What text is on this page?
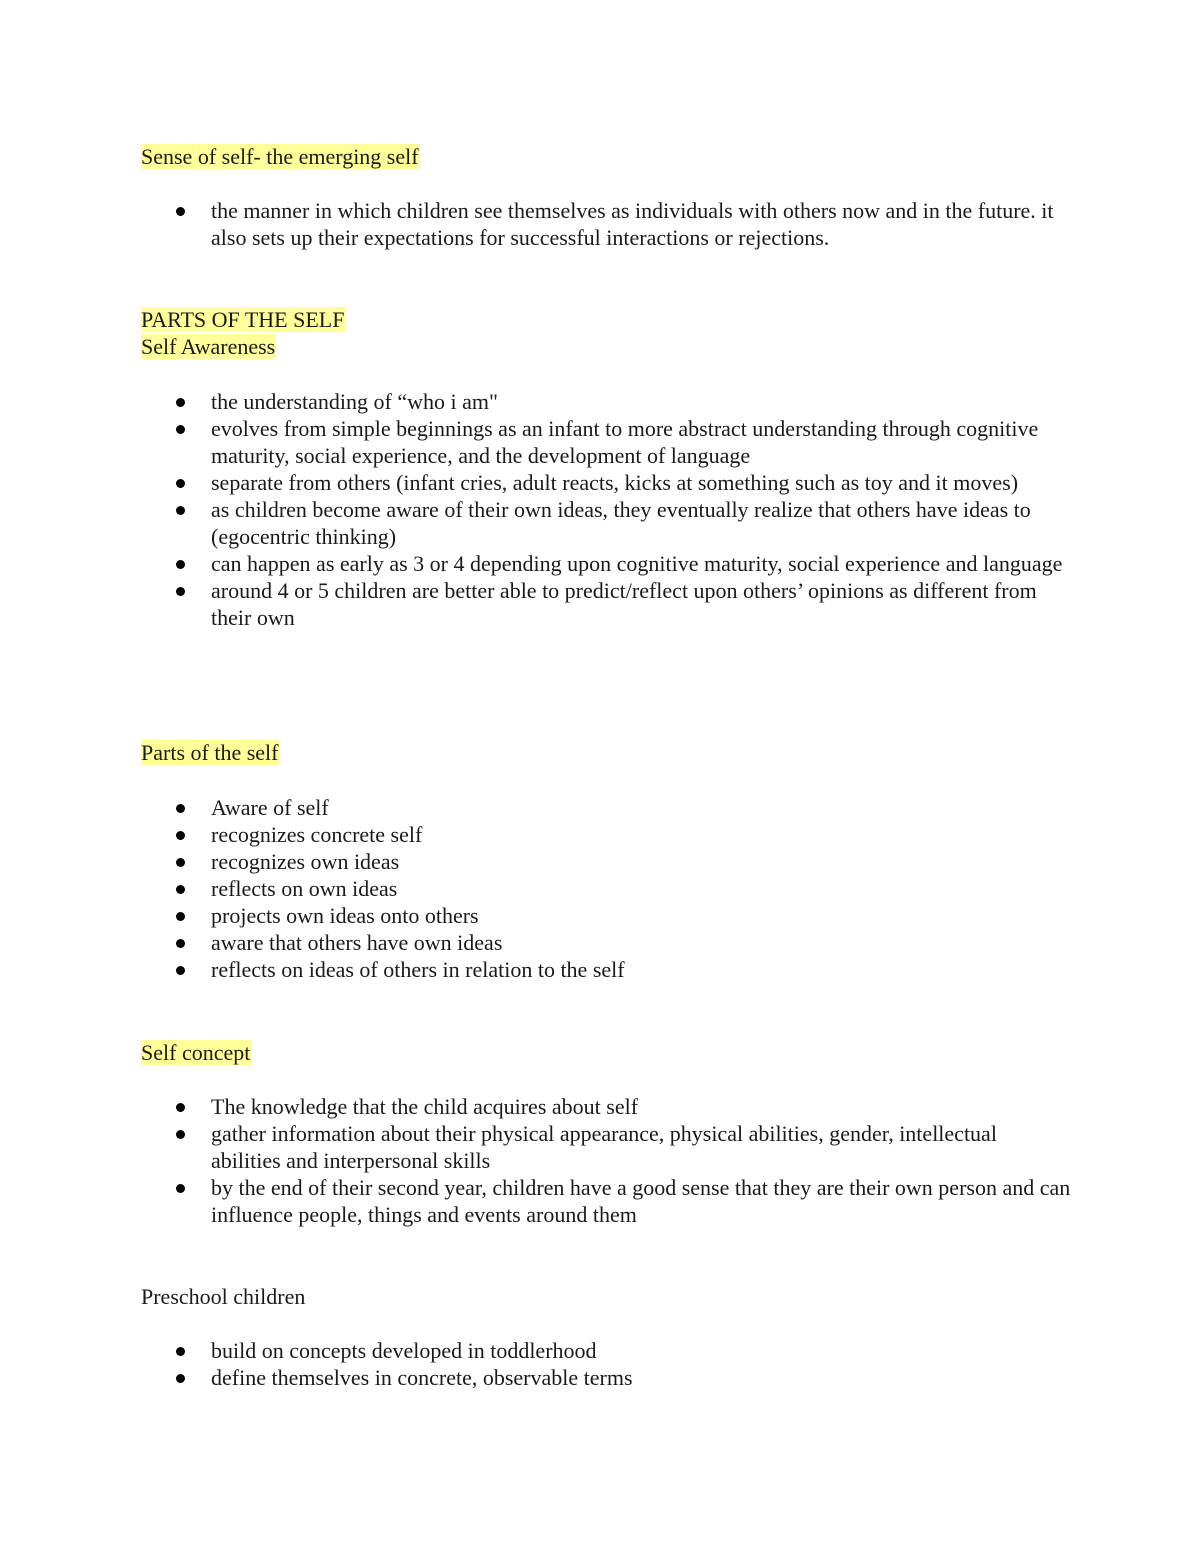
Sense of self- the emerging self

the manner in which children see themselves as individuals with others now and in the future. it also sets up their expectations for successful interactions or rejections.

PARTS OF THE SELF

Self Awareness

the understanding of “who i am"
evolves from simple beginnings as an infant to more abstract understanding through cognitive maturity, social experience, and the development of language
separate from others (infant cries, adult reacts, kicks at something such as toy and it moves)
as children become aware of their own ideas, they eventually realize that others have ideas to (egocentric thinking)
can happen as early as 3 or 4 depending upon cognitive maturity, social experience and language
around 4 or 5 children are better able to predict/reflect upon others’ opinions as different from their own

Parts of the self

Aware of self
recognizes concrete self
recognizes own ideas
reflects on own ideas
projects own ideas onto others
aware that others have own ideas
reflects on ideas of others in relation to the self

Self concept

The knowledge that the child acquires about self
gather information about their physical appearance, physical abilities, gender, intellectual abilities and interpersonal skills
by the end of their second year, children have a good sense that they are their own person and can influence people, things and events around them

Preschool children

build on concepts developed in toddlerhood
define themselves in concrete, observable terms
